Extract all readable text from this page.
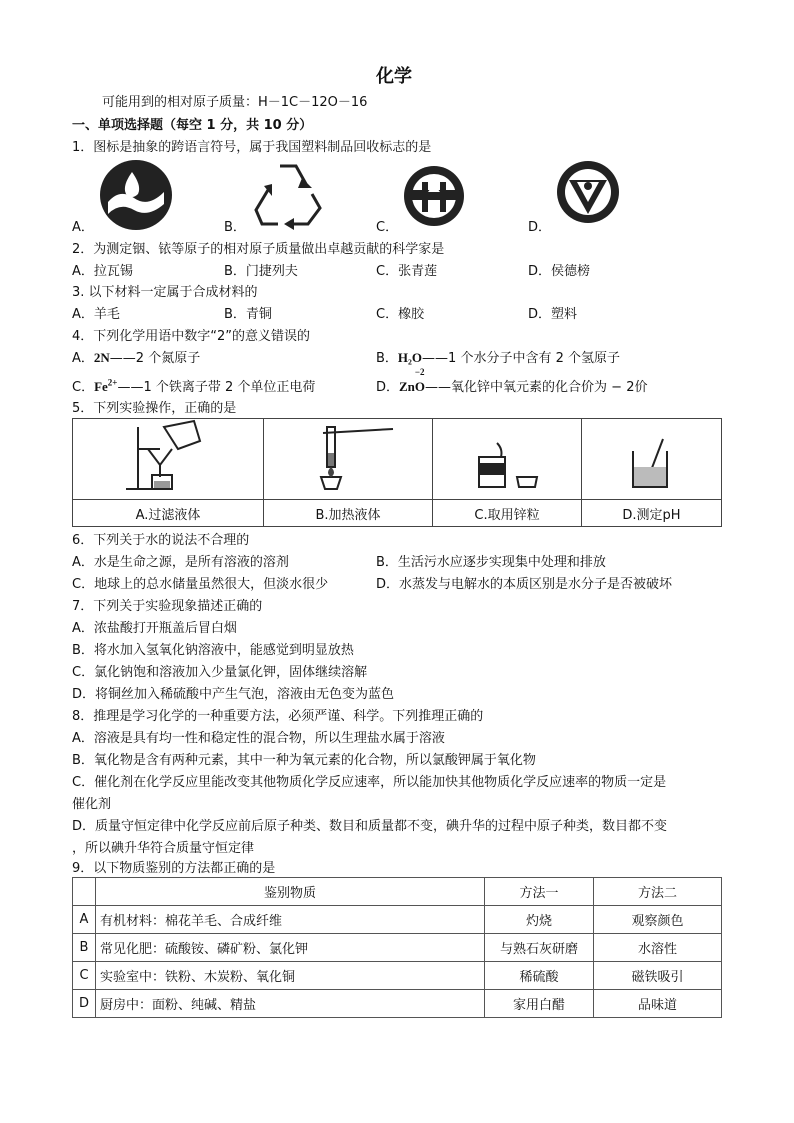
化学
可能用到的相对原子质量：H－1C－12O－16
一、单项选择题（每空 1 分，共 10 分）
1．图标是抽象的跨语言符号，属于我国塑料制品回收标志的是
A．	B．	C．	D．
2．为测定铟、铱等原子的相对原子质量做出卓越贡献的科学家是
A．拉瓦锡	B．门捷列夫	C．张青莲	D．侯德榜
3. 以下材料一定属于合成材料的
A．羊毛	B．青铜	C．橡胶	D．塑料
4．下列化学用语中数字“2”的意义错误的
A．2N——2 个氮原子	B．H₂O——1 个水分子中含有 2 个氢原子
C．$Fe^{2+}——1$ 个铁离子带 2 个单位正电荷	D．ZnO
−2
——氧化锌中氧元素的化合价为 − 2价
5．下列实验操作，正确的是

A.过滤液体	B.加热液体	C.取用锌粒	D.测定pH
6．下列关于水的说法不合理的
A．水是生命之源，是所有溶液的溶剂	B．生活污水应逐步实现集中处理和排放
C．地球上的总水储量虽然很大，但淡水很少	D．水蒸发与电解水的本质区别是水分子是否被破坏
7．下列关于实验现象描述正确的
A．浓盐酸打开瓶盖后冒白烟
B．将水加入氢氧化钠溶液中，能感觉到明显放热
C．氯化钠饱和溶液加入少量氯化钾，固体继续溶解
D．将铜丝加入稀硫酸中产生气泡，溶液由无色变为蓝色
8．推理是学习化学的一种重要方法，必须严谨、科学。下列推理正确的
A．溶液是具有均一性和稳定性的混合物，所以生理盐水属于溶液
B．氧化物是含有两种元素，其中一种为氧元素的化合物，所以氯酸钾属于氧化物
C．催化剂在化学反应里能改变其他物质化学反应速率，所以能加快其他物质化学反应速率的物质一定是
催化剂
D．质量守恒定律中化学反应前后原子种类、数目和质量都不变，碘升华的过程中原子种类，数目都不变
，所以碘升华符合质量守恒定律
9．以下物质鉴别的方法都正确的是
	鉴别物质	方法一	方法二
A	有机材料：棉花羊毛、合成纤维	灼烧	观察颜色
B	常见化肥：硫酸铵、磷矿粉、氯化钾	与熟石灰研磨	水溶性
C	实验室中：铁粉、木炭粉、氧化铜	稀硫酸	磁铁吸引
D	厨房中：面粉、纯碱、精盐	家用白醋	品味道
